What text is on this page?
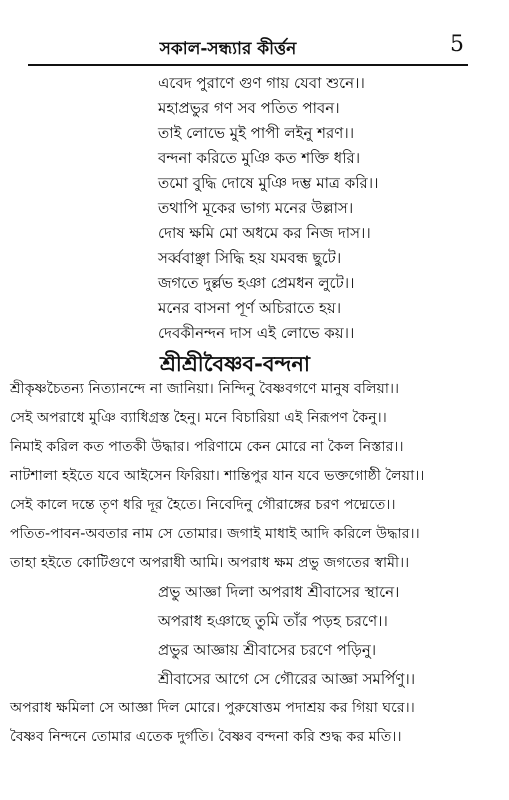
সকাল-সন্ধ্যার কীর্ত্তন	5
এবেদ পুরাণে গুণ গায় যেবা শুনে।।
মহাপ্রভুর গণ সব পতিত পাবন।
তাই লোভে মুই পাপী লইনু শরণ।।
বন্দনা করিতে মুঞি কত শক্তি ধরি।
তমো বুদ্ধি দোষে মুঞি দম্ভ মাত্র করি।।
তথাপি মূকের ভাগ্য মনের উল্লাস।
দোষ ক্ষমি মো অধমে কর নিজ দাস।।
সর্ব্ববাঞ্ছা সিদ্ধি হয় যমবন্ধ ছুটে।
জগতে দুর্ল্লভ হঞা প্রেমধন লুটে।।
মনের বাসনা পূর্ণ অচিরাতে হয়।
দেবকীনন্দন দাস এই লোভে কয়।।
শ্রীশ্রীবৈষ্ণব-বন্দনা
শ্রীকৃষ্ণচৈতন্য নিত্যানন্দে না জানিয়া। নিন্দিনু বৈষ্ণবগণে মানুষ বলিয়া।।
সেই অপরাধে মুঞি ব্যাধিগ্রস্ত হৈনু। মনে বিচারিয়া এই নিরূপণ কৈনু।।
নিমাই করিল কত পাতকী উদ্ধার। পরিণামে কেন মোরে না কৈল নিস্তার।।
নাটশালা হইতে যবে আইসেন ফিরিয়া। শান্তিপুর যান যবে ভক্তগোষ্ঠী লৈয়া।।
সেই কালে দন্তে তৃণ ধরি দূর হৈতে। নিবেদিনু গৌরাঙ্গের চরণ পদ্মেতে।।
পতিত-পাবন-অবতার নাম সে তোমার। জগাই মাধাই আদি করিলে উদ্ধার।।
তাহা হইতে কোটিগুণে অপরাধী আমি। অপরাধ ক্ষম প্রভু জগতের স্বামী।।
প্রভু আজ্ঞা দিলা অপরাধ শ্রীবাসের স্থানে।
অপরাধ হঞাছে তুমি তাঁর পড়হ চরণে।।
প্রভুর আজ্ঞায় শ্রীবাসের চরণে পড়িনু।
শ্রীবাসের আগে সে গৌরের আজ্ঞা সমর্পিণু।।
অপরাধ ক্ষমিলা সে আজ্ঞা দিল মোরে। পুরুষোত্তম পদাশ্রয় কর গিয়া ঘরে।।
বৈষ্ণব নিন্দনে তোমার এতেক দুর্গতি। বৈষ্ণব বন্দনা করি শুদ্ধ কর মতি।।
